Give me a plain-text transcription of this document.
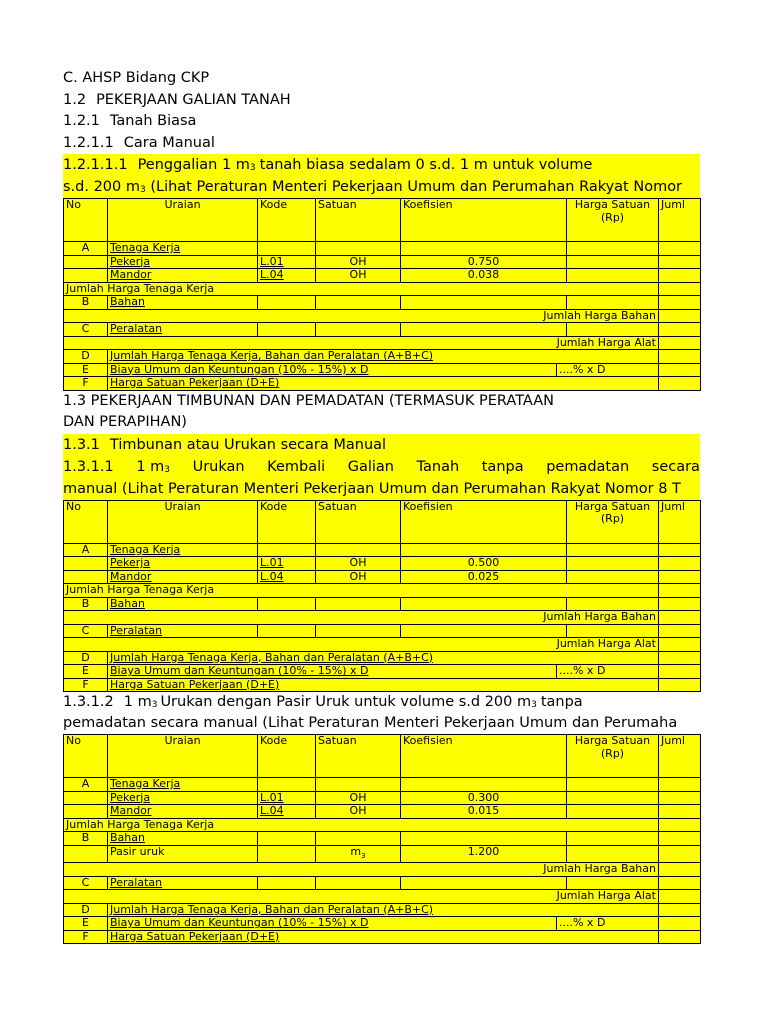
C. AHSP Bidang CKP
1.2 PEKERJAAN GALIAN TANAH
1.2.1 Tanah Biasa
1.2.1.1 Cara Manual
1.2.1.1.1 Penggalian 1 $m_3$ tanah biasa sedalam 0 s.d. 1 m untuk volume
s.d. 200 $m_3$ (Lihat Peraturan Menteri Pekerjaan Umum dan Perumahan Rakyat Nomor
No	Uraian	Kode	Satuan	Koefisien		Harga Satuan
(Rp)	Juml
A	Tenaga Kerja						
	Pekerja	L.01	OH	0.750			
	Mandor	L.04	OH	0.038			
Jumlah Harga Tenaga Kerja							
B	Bahan						
Jumlah Harga Bahan							
C	Peralatan						
Jumlah Harga Alat							
D	Jumlah Harga Tenaga Kerja, Bahan dan Peralatan (A+B+C)						
E	Biaya Umum dan Keuntungan (10% - 15%) x D				....% x D		
F	Harga Satuan Pekerjaan (D+E)						
1.3 PEKERJAAN TIMBUNAN DAN PEMADATAN (TERMASUK PERATAAN
DAN PERAPIHAN)
1.3.1 Timbunan atau Urukan secara Manual
1.3.1.1 1 $m_3$ Urukan Kembali Galian Tanah tanpa pemadatan secara
manual (Lihat Peraturan Menteri Pekerjaan Umum dan Perumahan Rakyat Nomor 8 T
No	Uraian	Kode	Satuan	Koefisien		Harga Satuan
(Rp)	Juml
A	Tenaga Kerja						
	Pekerja	L.01	OH	0.500			
	Mandor	L.04	OH	0.025			
Jumlah Harga Tenaga Kerja							
B	Bahan						
Jumlah Harga Bahan							
C	Peralatan						
Jumlah Harga Alat							
D	Jumlah Harga Tenaga Kerja, Bahan dan Peralatan (A+B+C)						
E	Biaya Umum dan Keuntungan (10% - 15%) x D				....% x D		
F	Harga Satuan Pekerjaan (D+E)						
1.3.1.2 1 $m_3$ Urukan dengan Pasir Uruk untuk volume s.d 200 $m_3$ tanpa
pemadatan secara manual (Lihat Peraturan Menteri Pekerjaan Umum dan Perumaha
No	Uraian	Kode	Satuan	Koefisien		Harga Satuan
(Rp)	Juml
A	Tenaga Kerja						
	Pekerja	L.01	OH	0.300			
	Mandor	L.04	OH	0.015			
Jumlah Harga Tenaga Kerja							
B	Bahan						
	Pasir uruk		$m_3$	1.200			
Jumlah Harga Bahan							
C	Peralatan						
Jumlah Harga Alat							
D	Jumlah Harga Tenaga Kerja, Bahan dan Peralatan (A+B+C)						
E	Biaya Umum dan Keuntungan (10% - 15%) x D				....% x D		
F	Harga Satuan Pekerjaan (D+E)						
